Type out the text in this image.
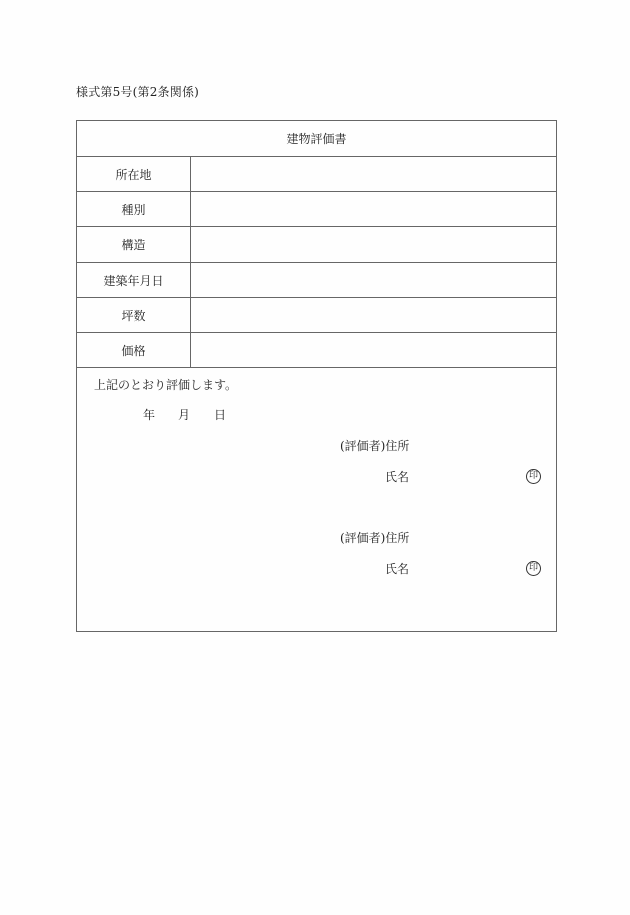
様式第5号(第2条関係)
建物評価書
所在地
種別
構造
建築年月日
坪数
価格
上記のとおり評価します。
年 月 日
(評価者)住所
氏名	印
(評価者)住所
氏名	印
